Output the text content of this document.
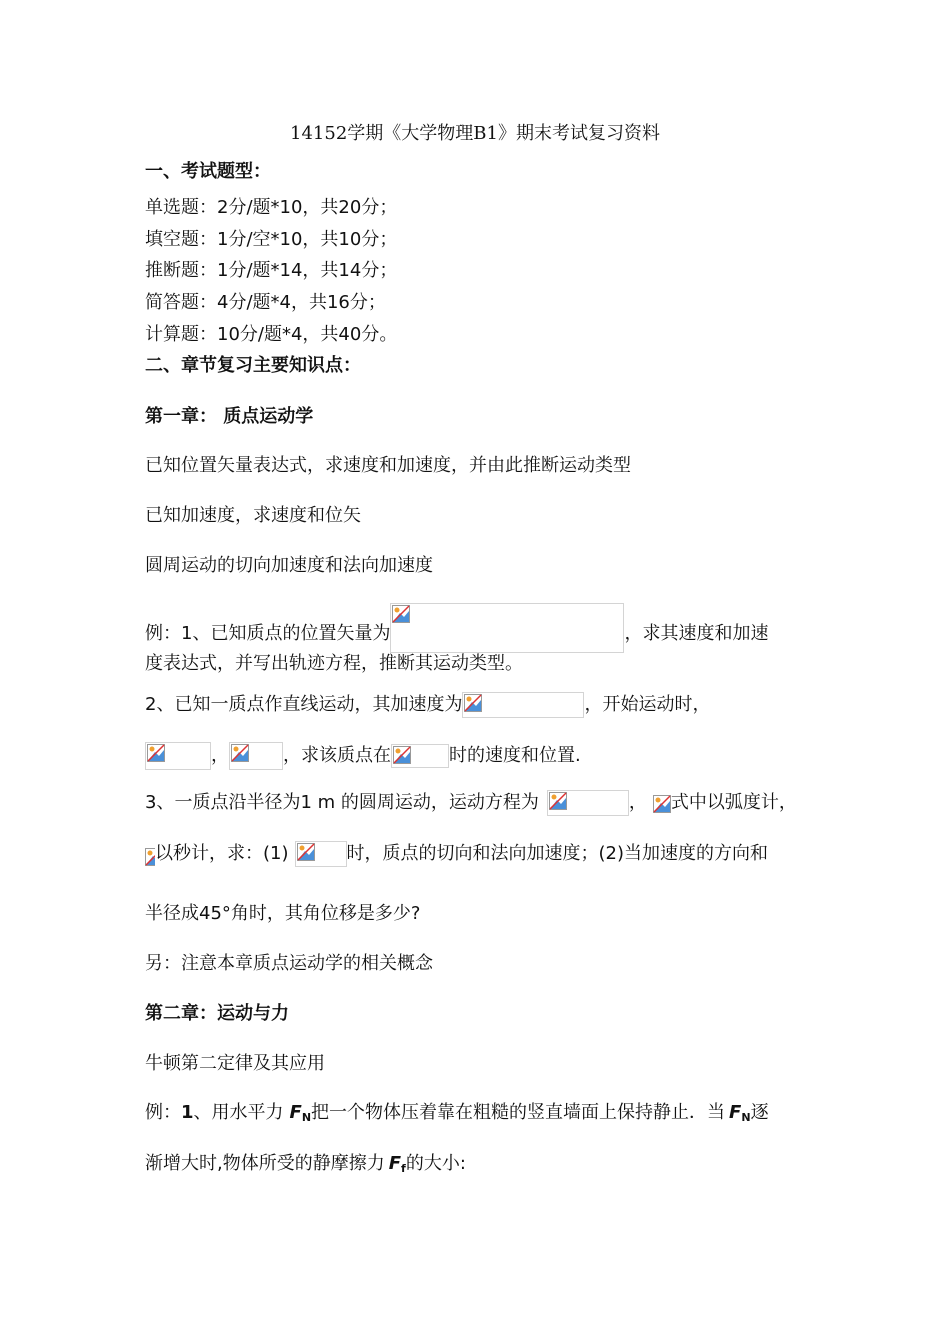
14152学期《大学物理B1》期末考试复习资料
一、考试题型：
单选题：2分/题*10，共20分；
填空题：1分/空*10，共10分；
推断题：1分/题*14，共14分；
简答题：4分/题*4，共16分；
计算题：10分/题*4，共40分。
二、章节复习主要知识点：
第一章： 质点运动学
已知位置矢量表达式，求速度和加速度，并由此推断运动类型
已知加速度，求速度和位矢
圆周运动的切向加速度和法向加速度
例：1、已知质点的位置矢量为	，求其速度和加速
度表达式，并写出轨迹方程，推断其运动类型。
2、已知一质点作直线运动，其加速度为	，开始运动时，
，	，求该质点在	时的速度和位置.
3、一质点沿半径为1 m 的圆周运动，运动方程为	， 式中以弧度计，
以秒计，求：(1)	时，质点的切向和法向加速度；(2)当加速度的方向和
半径成45°角时，其角位移是多少?
另：注意本章质点运动学的相关概念
第二章：运动与力
牛顿第二定律及其应用
例：1、用水平力 $F_N$把一个物体压着靠在粗糙的竖直墙面上保持静止．当 $F_N$逐
渐增大时,物体所受的静摩擦力 $F_f$的大小:
